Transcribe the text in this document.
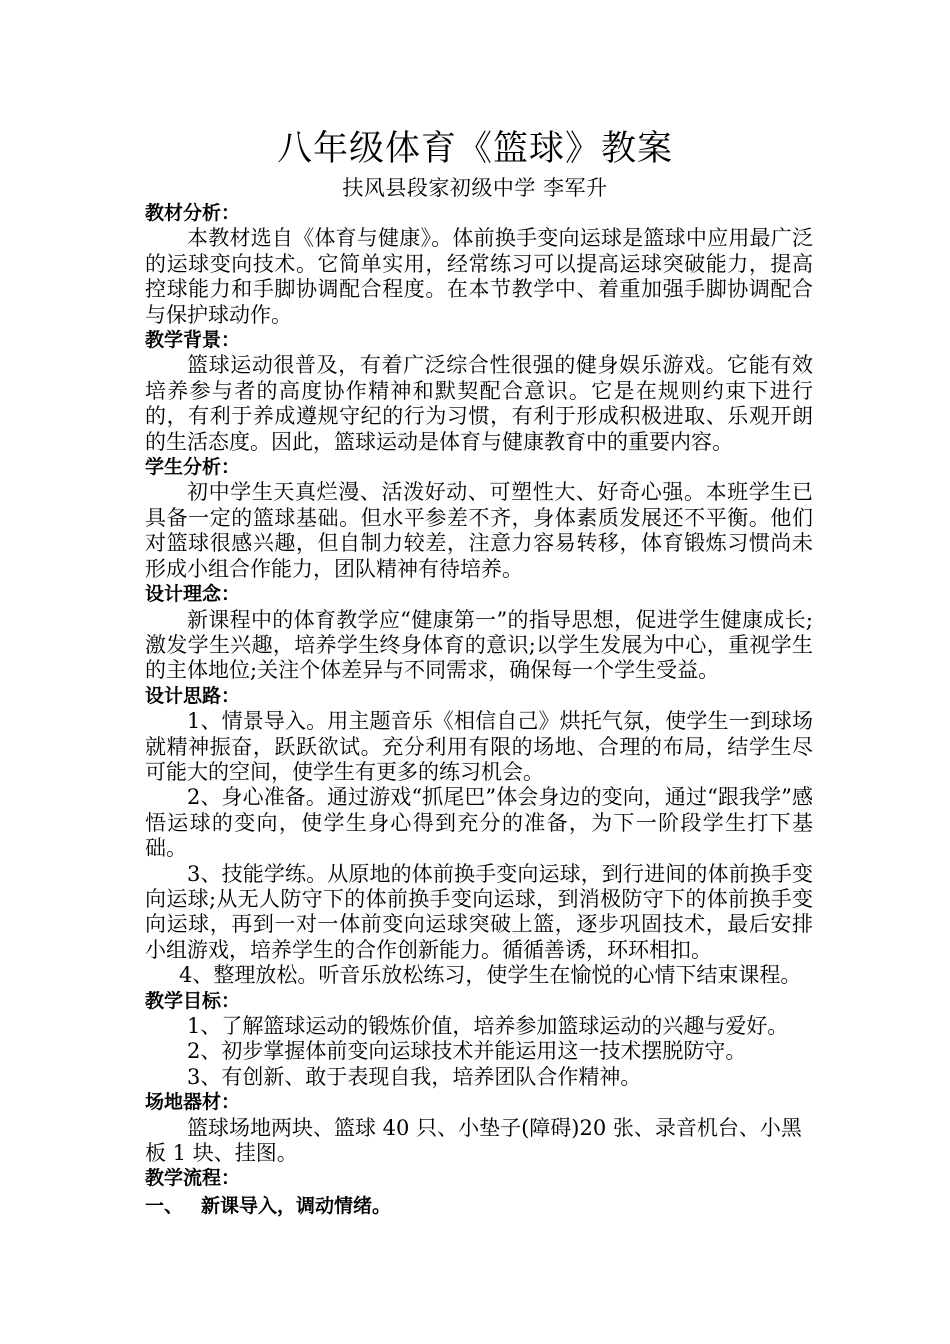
八年级体育《篮球》教案
扶风县段家初级中学 李军升
教材分析：

本教材选自《体育与健康》。体前换手变向运球是篮球中应用最广泛的运球变向技术。它简单实用，经常练习可以提高运球突破能力，提高控球能力和手脚协调配合程度。在本节教学中、着重加强手脚协调配合与保护球动作。

教学背景：

篮球运动很普及，有着广泛综合性很强的健身娱乐游戏。它能有效培养参与者的高度协作精神和默契配合意识。它是在规则约束下进行的，有利于养成遵规守纪的行为习惯，有利于形成积极进取、乐观开朗的生活态度。因此，篮球运动是体育与健康教育中的重要内容。

学生分析：

初中学生天真烂漫、活泼好动、可塑性大、好奇心强。本班学生已具备一定的篮球基础。但水平参差不齐，身体素质发展还不平衡。他们对篮球很感兴趣，但自制力较差，注意力容易转移，体育锻炼习惯尚未形成小组合作能力，团队精神有待培养。

设计理念：

新课程中的体育教学应“健康第一”的指导思想，促进学生健康成长;激发学生兴趣，培养学生终身体育的意识;以学生发展为中心，重视学生的主体地位;关注个体差异与不同需求，确保每一个学生受益。

设计思路：

1、情景导入。用主题音乐《相信自己》烘托气氛，使学生一到球场就精神振奋，跃跃欲试。充分利用有限的场地、合理的布局，结学生尽可能大的空间，使学生有更多的练习机会。

2、身心准备。通过游戏“抓尾巴”体会身边的变向，通过“跟我学”感悟运球的变向，使学生身心得到充分的准备，为下一阶段学生打下基础。

3、技能学练。从原地的体前换手变向运球，到行进间的体前换手变向运球;从无人防守下的体前换手变向运球，到消极防守下的体前换手变向运球，再到一对一体前变向运球突破上篮，逐步巩固技术，最后安排小组游戏，培养学生的合作创新能力。循循善诱，环环相扣。

4、整理放松。听音乐放松练习，使学生在愉悦的心情下结束课程。

教学目标：

1、了解篮球运动的锻炼价值，培养参加篮球运动的兴趣与爱好。

2、初步掌握体前变向运球技术并能运用这一技术摆脱防守。

3、有创新、敢于表现自我，培养团队合作精神。

场地器材：

篮球场地两块、篮球 40 只、小垫子(障碍)20 张、录音机台、小黑

板 1 块、挂图。

教学流程：
一、 新课导入，调动情绪。
